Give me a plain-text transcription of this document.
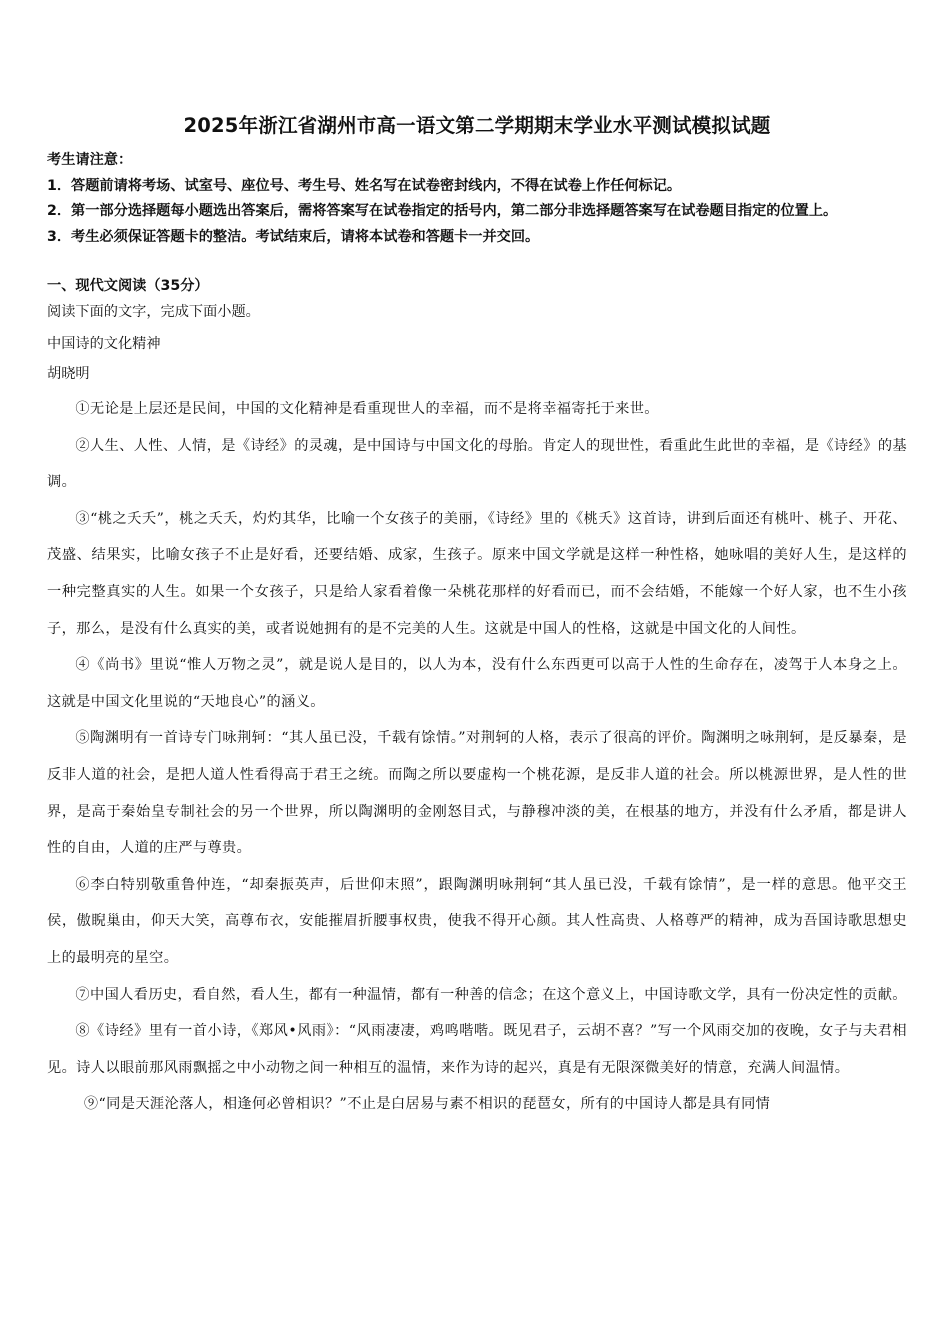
2025年浙江省湖州市高一语文第二学期期末学业水平测试模拟试题

考生请注意：

1．答题前请将考场、试室号、座位号、考生号、姓名写在试卷密封线内，不得在试卷上作任何标记。

2．第一部分选择题每小题选出答案后，需将答案写在试卷指定的括号内，第二部分非选择题答案写在试卷题目指定的位置上。

3．考生必须保证答题卡的整洁。考试结束后，请将本试卷和答题卡一并交回。

一、现代文阅读（35分）

阅读下面的文字，完成下面小题。

中国诗的文化精神

胡晓明

①无论是上层还是民间，中国的文化精神是看重现世人的幸福，而不是将幸福寄托于来世。

②人生、人性、人情，是《诗经》的灵魂，是中国诗与中国文化的母胎。肯定人的现世性，看重此生此世的幸福，是《诗经》的基调。

③“桃之夭夭”，桃之夭夭，灼灼其华，比喻一个女孩子的美丽，《诗经》里的《桃夭》这首诗，讲到后面还有桃叶、桃子、开花、茂盛、结果实，比喻女孩子不止是好看，还要结婚、成家，生孩子。原来中国文学就是这样一种性格，她咏唱的美好人生，是这样的一种完整真实的人生。如果一个女孩子，只是给人家看着像一朵桃花那样的好看而已，而不会结婚，不能嫁一个好人家，也不生小孩子，那么，是没有什么真实的美，或者说她拥有的是不完美的人生。这就是中国人的性格，这就是中国文化的人间性。

④《尚书》里说“惟人万物之灵”，就是说人是目的，以人为本，没有什么东西更可以高于人性的生命存在，凌驾于人本身之上。这就是中国文化里说的“天地良心”的涵义。

⑤陶渊明有一首诗专门咏荆轲：“其人虽已没，千载有馀情。”对荆轲的人格，表示了很高的评价。陶渊明之咏荆轲，是反暴秦，是反非人道的社会，是把人道人性看得高于君王之统。而陶之所以要虚构一个桃花源，是反非人道的社会。所以桃源世界，是人性的世界，是高于秦始皇专制社会的另一个世界，所以陶渊明的金刚怒目式，与静穆冲淡的美，在根基的地方，并没有什么矛盾，都是讲人性的自由，人道的庄严与尊贵。

⑥李白特别敬重鲁仲连，“却秦振英声，后世仰末照”，跟陶渊明咏荆轲“其人虽已没，千载有馀情”，是一样的意思。他平交王侯，傲睨巢由，仰天大笑，高尊布衣，安能摧眉折腰事权贵，使我不得开心颜。其人性高贵、人格尊严的精神，成为吾国诗歌思想史上的最明亮的星空。

⑦中国人看历史，看自然，看人生，都有一种温情，都有一种善的信念；在这个意义上，中国诗歌文学，具有一份决定性的贡献。

⑧《诗经》里有一首小诗，《郑风•风雨》：“风雨凄凄，鸡鸣喈喈。既见君子，云胡不喜？”写一个风雨交加的夜晚，女子与夫君相见。诗人以眼前那风雨飘摇之中小动物之间一种相互的温情，来作为诗的起兴，真是有无限深微美好的情意，充满人间温情。

⑨“同是天涯沦落人，相逢何必曾相识？”不止是白居易与素不相识的琵琶女，所有的中国诗人都是具有同情
